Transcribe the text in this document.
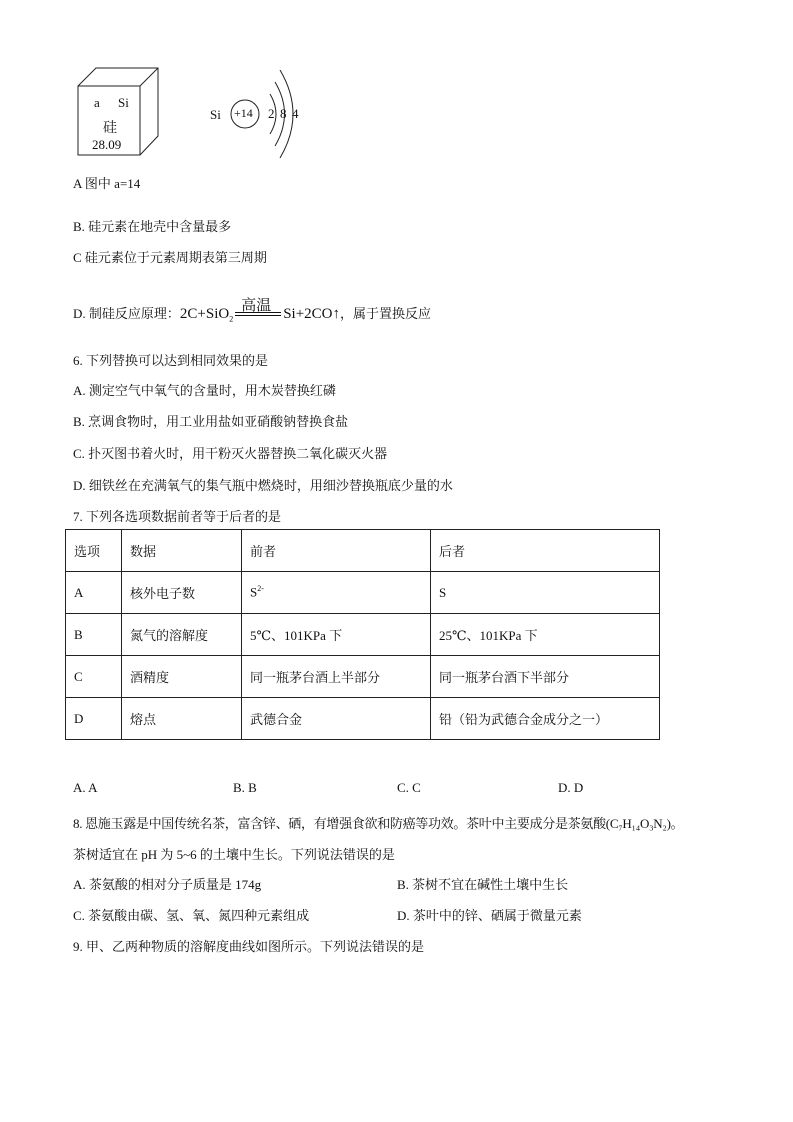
a Si
硅
28.09
Si +14 2 8 4
A 图中 a=14
B. 硅元素在地壳中含量最多
C 硅元素位于元素周期表第三周期
D. 制硅反应原理：2C+SiO$_2$
高温 Si+2CO↑，属于置换反应
6. 下列替换可以达到相同效果的是
A. 测定空气中氧气的含量时，用木炭替换红磷
B. 烹调食物时，用工业用盐如亚硝酸钠替换食盐
C. 扑灭图书着火时，用干粉灭火器替换二氧化碳灭火器
D. 细铁丝在充满氧气的集气瓶中燃烧时，用细沙替换瓶底少量的水
7. 下列各选项数据前者等于后者的是
选项	数据	前者	后者
A	核外电子数	$S^{2-}$	S
B	氮气的溶解度	5℃、101KPa 下	25℃、101KPa 下
C	酒精度	同一瓶茅台酒上半部分	同一瓶茅台酒下半部分
D	熔点	武德合金	铅（铅为武德合金成分之一）
A. A	B. B	C. C	D. D
8. 恩施玉露是中国传统名茶，富含锌、硒，有增强食欲和防癌等功效。茶叶中主要成分是茶氨酸(C₇H₁₄O₃N₂)。
茶树适宜在 pH 为 5~6 的土壤中生长。下列说法错误的是
A. 茶氨酸的相对分子质量是 174g	B. 茶树不宜在碱性土壤中生长
C. 茶氨酸由碳、氢、氧、氮四种元素组成	D. 茶叶中的锌、硒属于微量元素
9. 甲、乙两种物质的溶解度曲线如图所示。下列说法错误的是
